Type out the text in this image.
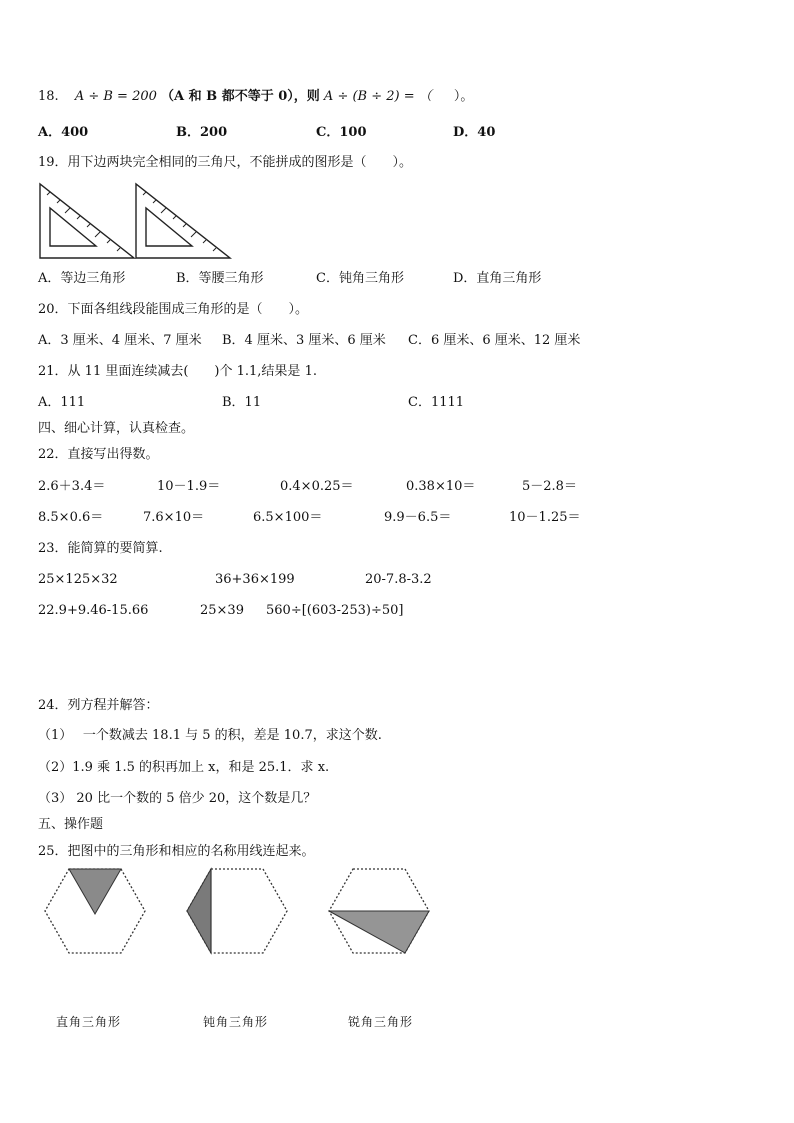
18. A ÷ B = 200 （A 和 B 都不等于 0），则 A ÷ (B ÷ 2) = （ ）。
A．400	B．200	C．100	D．40
19．用下边两块完全相同的三角尺，不能拼成的图形是（　　）。
A．等边三角形	B．等腰三角形	C．钝角三角形	D．直角三角形
20．下面各组线段能围成三角形的是（　　）。
A．3 厘米、4 厘米、7 厘米 B．4 厘米、3 厘米、6 厘米 C．6 厘米、6 厘米、12 厘米
21．从 11 里面连续减去(　　)个 1.1,结果是 1.
A．111	B．11	C．1111
四、细心计算，认真检查。
22．直接写出得数。
2.6＋3.4＝	10－1.9＝	0.4×0.25＝	0.38×10＝	5－2.8＝
8.5×0.6＝	7.6×10＝	6.5×100＝	9.9－6.5＝	10－1.25＝
23．能简算的要简算.
25×125×32	36+36×199	20-7.8-3.2
22.9+9.46-15.66	25×39 560÷[(603-253)÷50]
24．列方程并解答：
（1）　 一个数减去 18.1 与 5 的积，差是 10.7，求这个数.
（2）1.9 乘 1.5 的积再加上 x，和是 25.1．求 x.
（3） 20 比一个数的 5 倍少 20，这个数是几？
五、操作题
25．把图中的三角形和相应的名称用线连起来。
直角三角形	钝角三角形	锐角三角形
